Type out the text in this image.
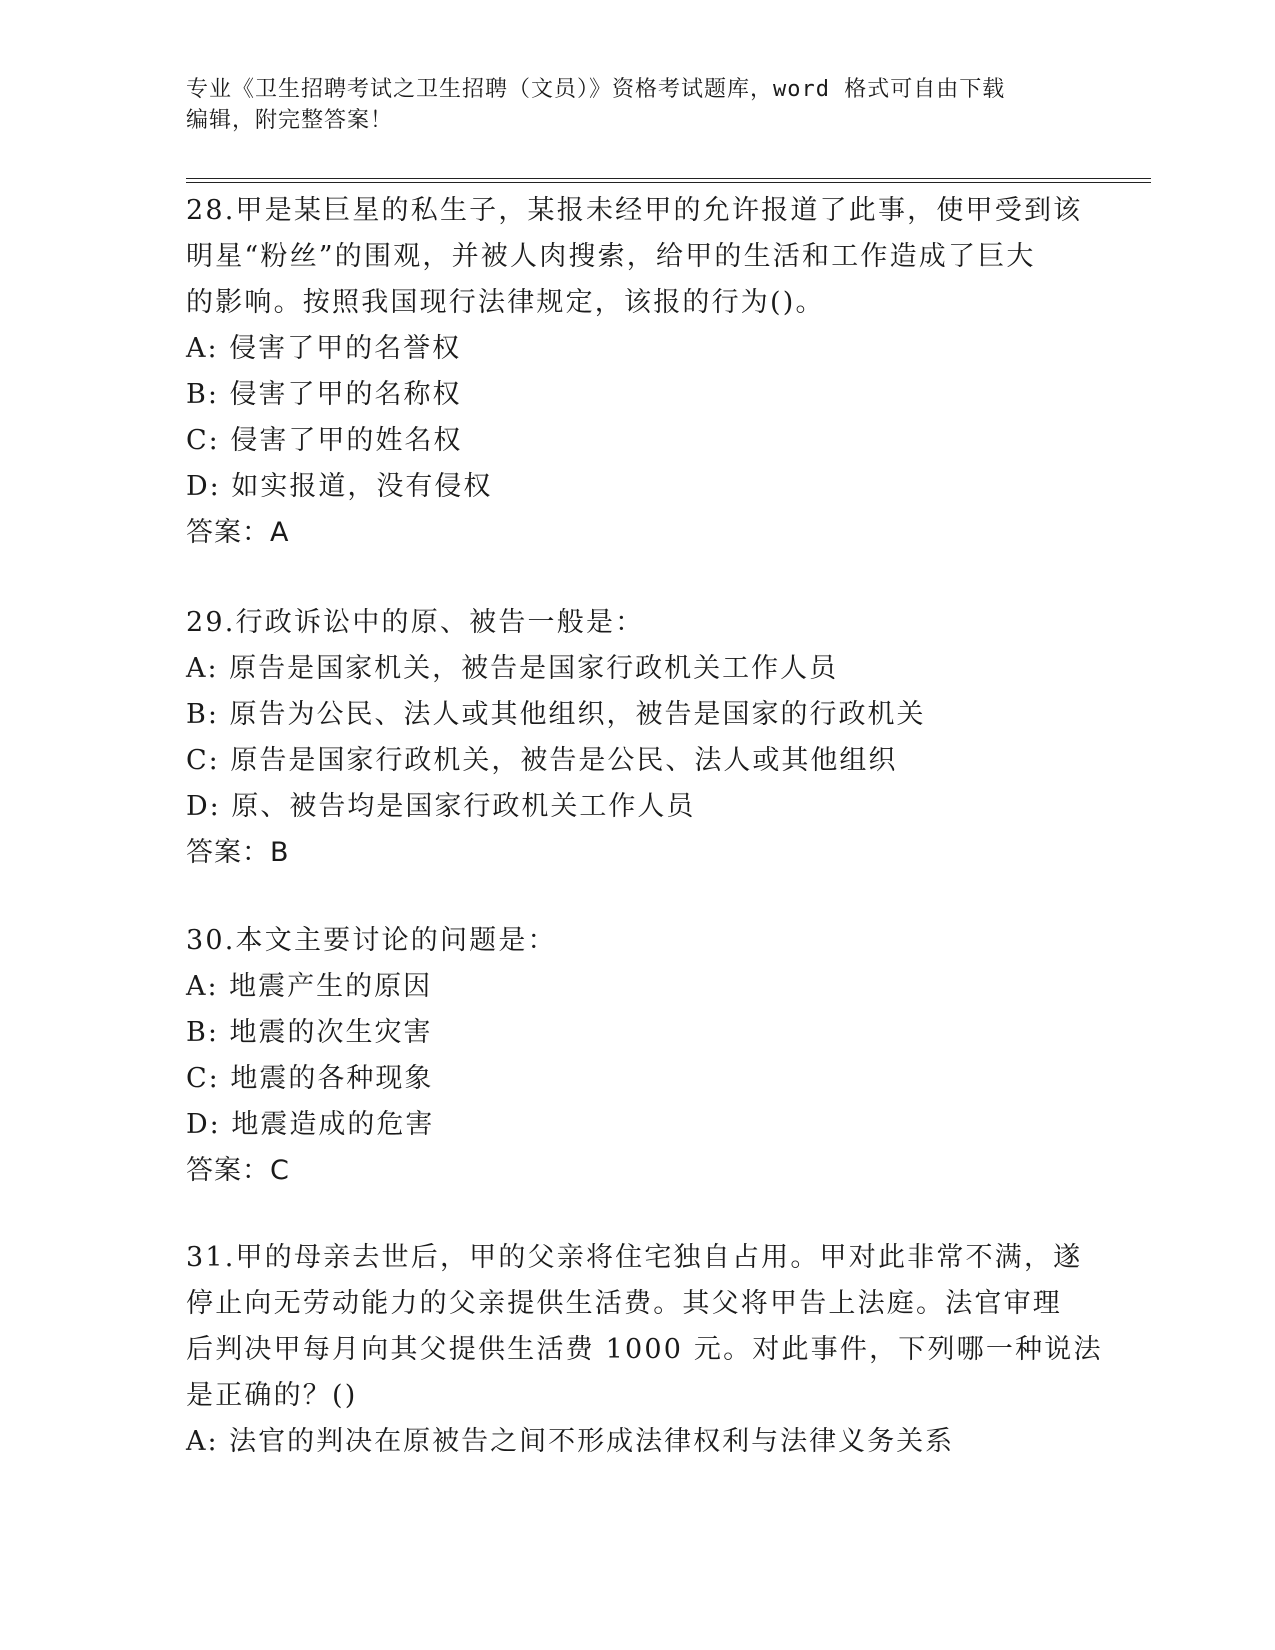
专业《卫生招聘考试之卫生招聘（文员）》资格考试题库，word 格式可自由下载
编辑，附完整答案！
28.甲是某巨星的私生子，某报未经甲的允许报道了此事，使甲受到该
明星“粉丝”的围观，并被人肉搜索，给甲的生活和工作造成了巨大
的影响。按照我国现行法律规定，该报的行为()。
A: 侵害了甲的名誉权
B: 侵害了甲的名称权
C: 侵害了甲的姓名权
D: 如实报道，没有侵权
答案：A
29.行政诉讼中的原、被告一般是：
A: 原告是国家机关，被告是国家行政机关工作人员
B: 原告为公民、法人或其他组织，被告是国家的行政机关
C: 原告是国家行政机关，被告是公民、法人或其他组织
D: 原、被告均是国家行政机关工作人员
答案：B
30.本文主要讨论的问题是：
A: 地震产生的原因
B: 地震的次生灾害
C: 地震的各种现象
D: 地震造成的危害
答案：C
31.甲的母亲去世后，甲的父亲将住宅独自占用。甲对此非常不满，遂
停止向无劳动能力的父亲提供生活费。其父将甲告上法庭。法官审理
后判决甲每月向其父提供生活费 1000 元。对此事件，下列哪一种说法
是正确的？()
A: 法官的判决在原被告之间不形成法律权利与法律义务关系
